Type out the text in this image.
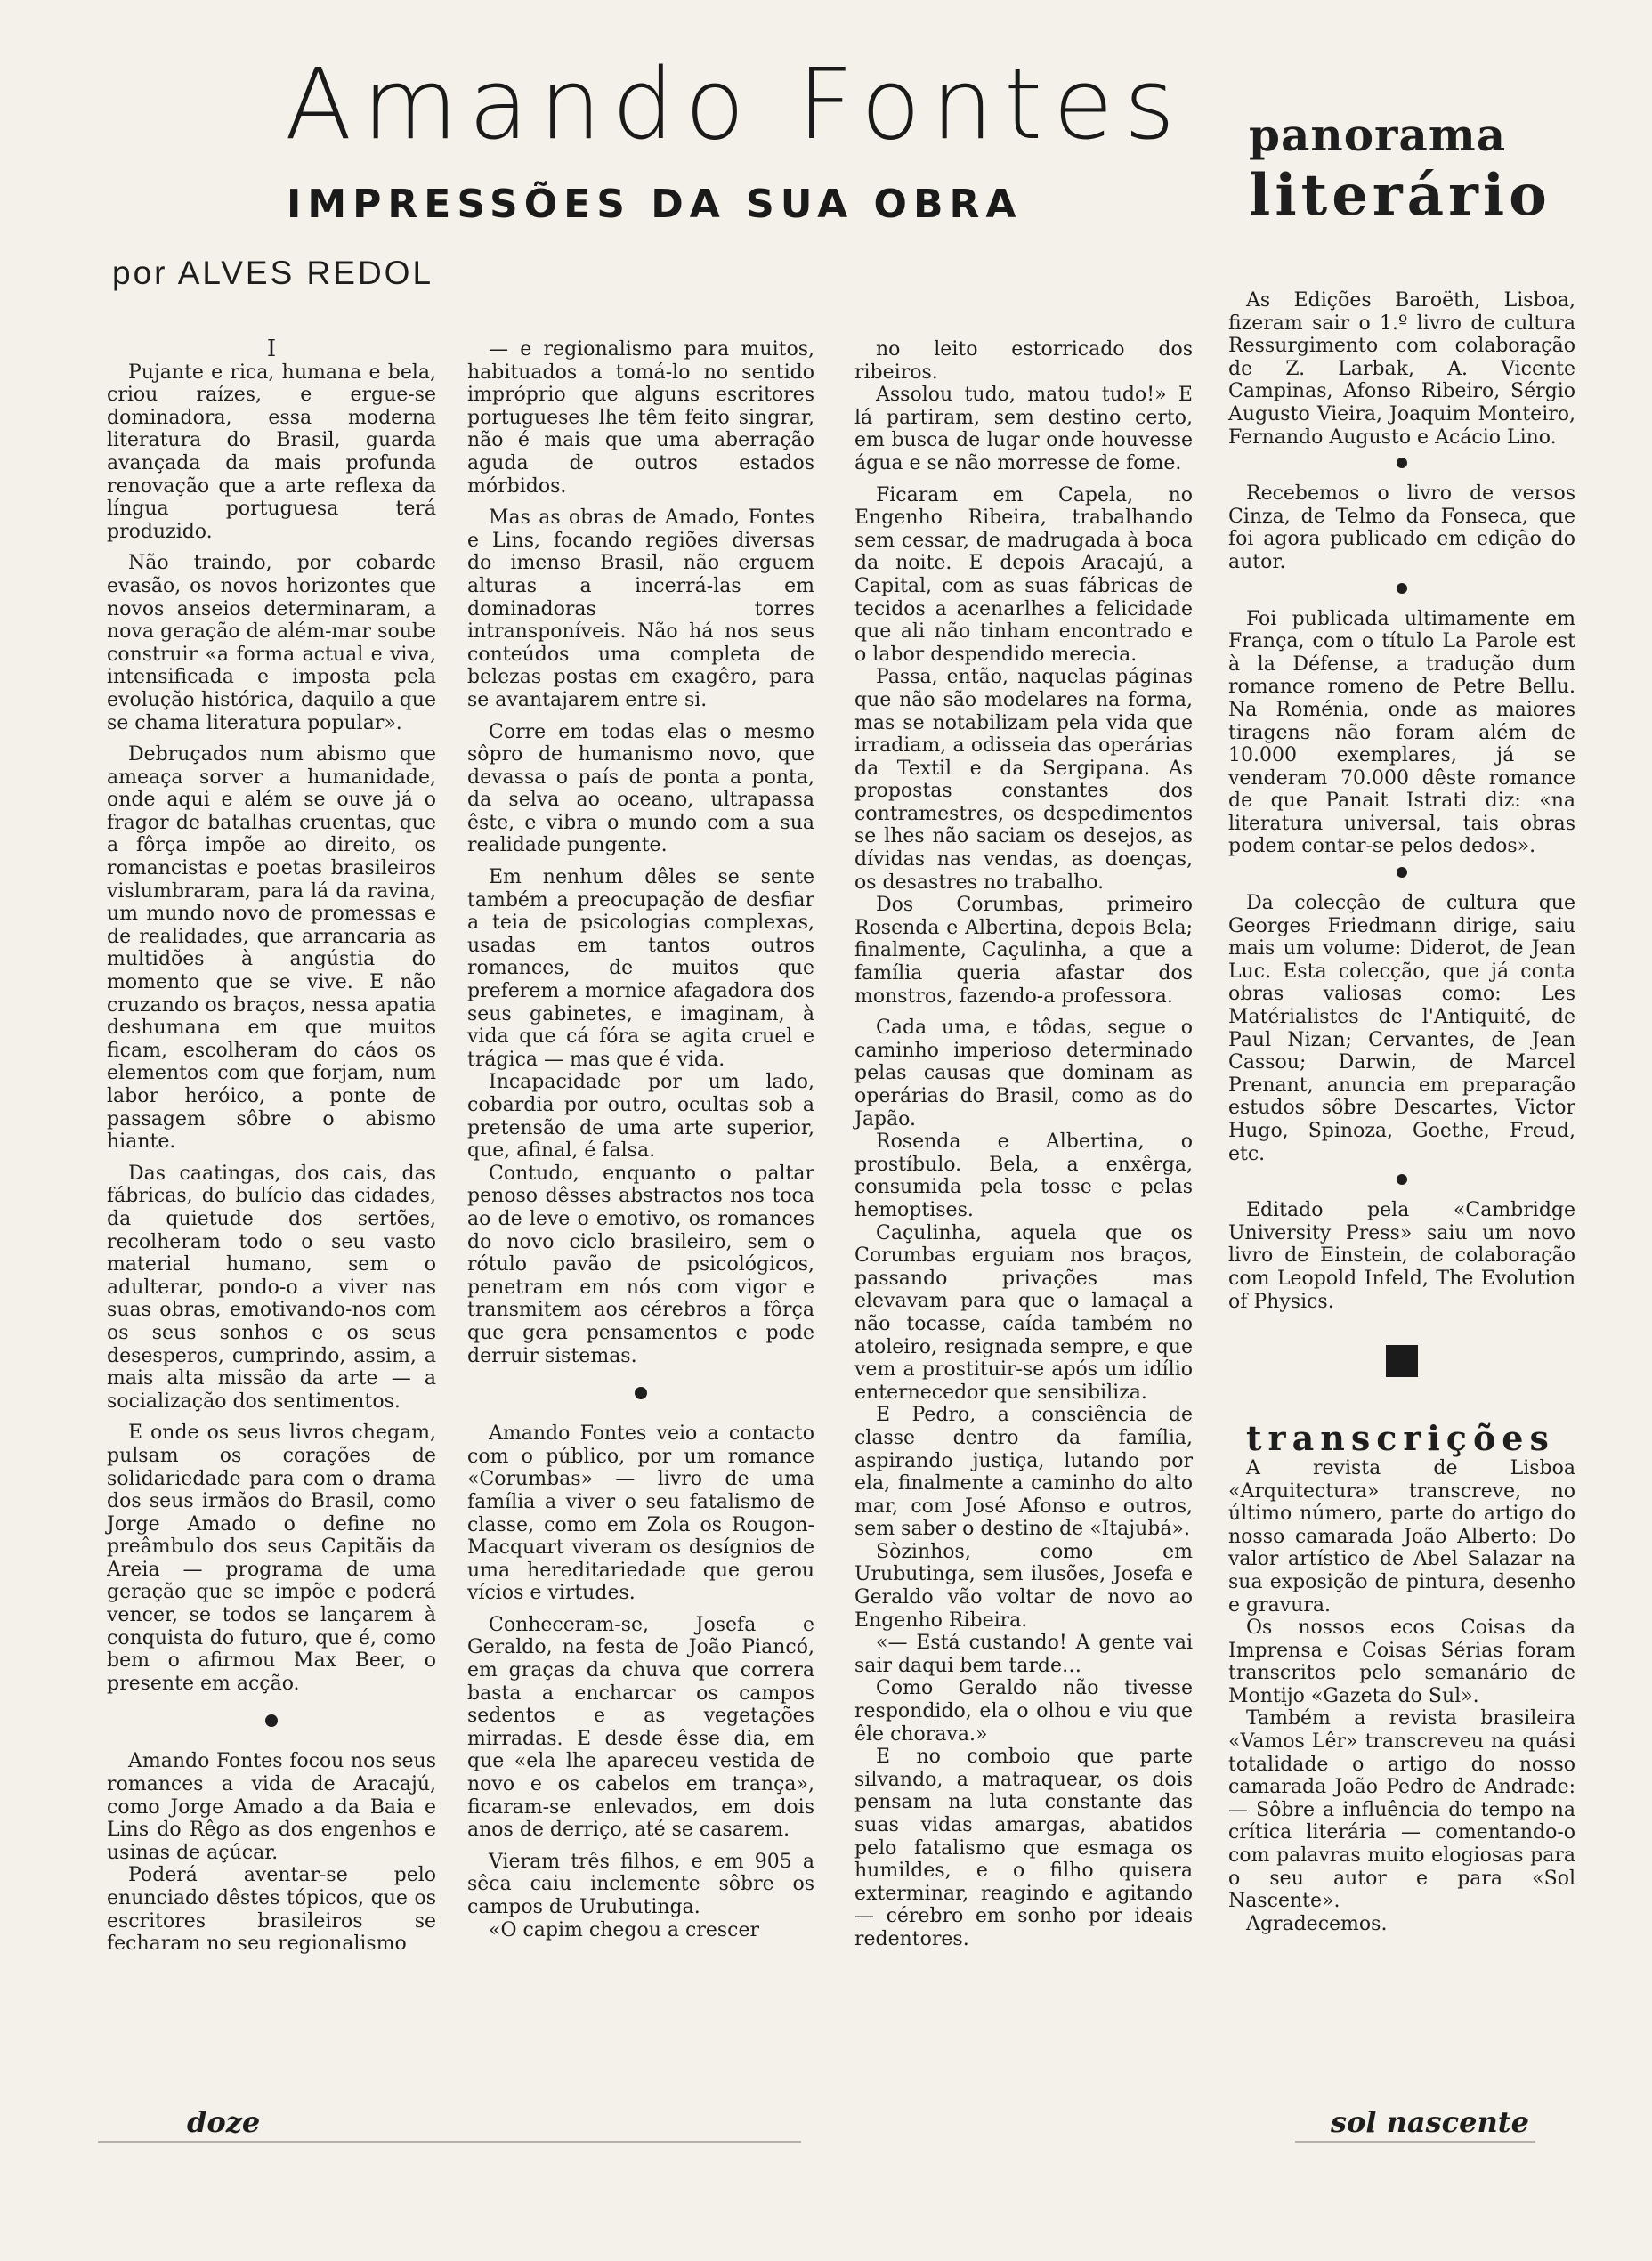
Amando Fontes
IMPRESSÕES DA SUA OBRA

por ALVES REDOL

I

Pujante e rica, humana e bela, criou raízes, e ergue-se dominadora, essa moderna literatura do Brasil, guarda avançada da mais profunda renovação que a arte reflexa da língua portuguesa terá produzido.

Não traindo, por cobarde evasão, os novos horizontes que novos anseios determinaram, a nova geração de além-mar soube construir «a forma actual e viva, intensificada e imposta pela evolução histórica, daquilo a que se chama literatura popular».

Debruçados num abismo que ameaça sorver a humanidade, onde aqui e além se ouve já o fragor de batalhas cruentas, que a fôrça impõe ao direito, os romancistas e poetas brasileiros vislumbraram, para lá da ravina, um mundo novo de promessas e de realidades, que arrancaria as multidões à angústia do momento que se vive. E não cruzando os braços, nessa apatia deshumana em que muitos ficam, escolheram do cáos os elementos com que forjam, num labor heróico, a ponte de passagem sôbre o abismo hiante.

Das caatingas, dos cais, das fábricas, do bulício das cidades, da quietude dos sertões, recolheram todo o seu vasto material humano, sem o adulterar, pondo-o a viver nas suas obras, emotivando-nos com os seus sonhos e os seus desesperos, cumprindo, assim, a mais alta missão da arte — a socialização dos sentimentos.

E onde os seus livros chegam, pulsam os corações de solidariedade para com o drama dos seus irmãos do Brasil, como Jorge Amado o define no preâmbulo dos seus Capitãis da Areia — programa de uma geração que se impõe e poderá vencer, se todos se lançarem à conquista do futuro, que é, como bem o afirmou Max Beer, o presente em acção.

Amando Fontes focou nos seus romances a vida de Aracajú, como Jorge Amado a da Baia e Lins do Rêgo as dos engenhos e usinas de açúcar.

Poderá aventar-se pelo enunciado dêstes tópicos, que os escritores brasileiros se fecharam no seu regionalismo

— e regionalismo para muitos, habituados a tomá-lo no sentido impróprio que alguns escritores portugueses lhe têm feito singrar, não é mais que uma aberração aguda de outros estados mórbidos.

Mas as obras de Amado, Fontes e Lins, focando regiões diversas do imenso Brasil, não erguem alturas a incerrá-las em dominadoras torres intransponíveis. Não há nos seus conteúdos uma completa de belezas postas em exagêro, para se avantajarem entre si.

Corre em todas elas o mesmo sôpro de humanismo novo, que devassa o país de ponta a ponta, da selva ao oceano, ultrapassa êste, e vibra o mundo com a sua realidade pungente.

Em nenhum dêles se sente também a preocupação de desfiar a teia de psicologias complexas, usadas em tantos outros romances, de muitos que preferem a mornice afagadora dos seus gabinetes, e imaginam, à vida que cá fóra se agita cruel e trágica — mas que é vida.

Incapacidade por um lado, cobardia por outro, ocultas sob a pretensão de uma arte superior, que, afinal, é falsa.

Contudo, enquanto o paltar penoso dêsses abstractos nos toca ao de leve o emotivo, os romances do novo ciclo brasileiro, sem o rótulo pavão de psicológicos, penetram em nós com vigor e transmitem aos cérebros a fôrça que gera pensamentos e pode derruir sistemas.

Amando Fontes veio a contacto com o público, por um romance «Corumbas» — livro de uma família a viver o seu fatalismo de classe, como em Zola os Rougon-Macquart viveram os desígnios de uma hereditariedade que gerou vícios e virtudes.

Conheceram-se, Josefa e Geraldo, na festa de João Piancó, em graças da chuva que correra basta a encharcar os campos sedentos e as vegetações mirradas. E desde êsse dia, em que «ela lhe apareceu vestida de novo e os cabelos em trança», ficaram-se enlevados, em dois anos de derriço, até se casarem.

Vieram três filhos, e em 905 a sêca caiu inclemente sôbre os campos de Urubutinga.

«O capim chegou a crescer

no leito estorricado dos ribeiros.

Assolou tudo, matou tudo!» E lá partiram, sem destino certo, em busca de lugar onde houvesse água e se não morresse de fome.

Ficaram em Capela, no Engenho Ribeira, trabalhando sem cessar, de madrugada à boca da noite. E depois Aracajú, a Capital, com as suas fábricas de tecidos a acenarlhes a felicidade que ali não tinham encontrado e o labor despendido merecia.

Passa, então, naquelas páginas que não são modelares na forma, mas se notabilizam pela vida que irradiam, a odisseia das operárias da Textil e da Sergipana. As propostas constantes dos contramestres, os despedimentos se lhes não saciam os desejos, as dívidas nas vendas, as doenças, os desastres no trabalho.

Dos Corumbas, primeiro Rosenda e Albertina, depois Bela; finalmente, Caçulinha, a que a família queria afastar dos monstros, fazendo-a professora.

Cada uma, e tôdas, segue o caminho imperioso determinado pelas causas que dominam as operárias do Brasil, como as do Japão.

Rosenda e Albertina, o prostíbulo. Bela, a enxêrga, consumida pela tosse e pelas hemoptises.

Caçulinha, aquela que os Corumbas erguiam nos braços, passando privações mas elevavam para que o lamaçal a não tocasse, caída também no atoleiro, resignada sempre, e que vem a prostituir-se após um idílio enternecedor que sensibiliza.

E Pedro, a consciência de classe dentro da família, aspirando justiça, lutando por ela, finalmente a caminho do alto mar, com José Afonso e outros, sem saber o destino de «Itajubá».

Sòzinhos, como em Urubutinga, sem ilusões, Josefa e Geraldo vão voltar de novo ao Engenho Ribeira.

«— Está custando! A gente vai sair daqui bem tarde…

Como Geraldo não tivesse respondido, ela o olhou e viu que êle chorava.»

E no comboio que parte silvando, a matraquear, os dois pensam na luta constante das suas vidas amargas, abatidos pelo fatalismo que esmaga os humildes, e o filho quisera exterminar, reagindo e agitando — cérebro em sonho por ideais redentores.

panorama

literário

As Edições Baroëth, Lisboa, fizeram sair o 1.º livro de cultura Ressurgimento com colaboração de Z. Larbak, A. Vicente Campinas, Afonso Ribeiro, Sérgio Augusto Vieira, Joaquim Monteiro, Fernando Augusto e Acácio Lino.

Recebemos o livro de versos Cinza, de Telmo da Fonseca, que foi agora publicado em edição do autor.

Foi publicada ultimamente em França, com o título La Parole est à la Défense, a tradução dum romance romeno de Petre Bellu. Na Roménia, onde as maiores tiragens não foram além de 10.000 exemplares, já se venderam 70.000 dêste romance de que Panait Istrati diz: «na literatura universal, tais obras podem contar-se pelos dedos».

Da colecção de cultura que Georges Friedmann dirige, saiu mais um volume: Diderot, de Jean Luc. Esta colecção, que já conta obras valiosas como: Les Matérialistes de l'Antiquité, de Paul Nizan; Cervantes, de Jean Cassou; Darwin, de Marcel Prenant, anuncia em preparação estudos sôbre Descartes, Victor Hugo, Spinoza, Goethe, Freud, etc.

Editado pela «Cambridge University Press» saiu um novo livro de Einstein, de colaboração com Leopold Infeld, The Evolution of Physics.

transcrições

A revista de Lisboa «Arquitectura» transcreve, no último número, parte do artigo do nosso camarada João Alberto: Do valor artístico de Abel Salazar na sua exposição de pintura, desenho e gravura.

Os nossos ecos Coisas da Imprensa e Coisas Sérias foram transcritos pelo semanário de Montijo «Gazeta do Sul».

Também a revista brasileira «Vamos Lêr» transcreveu na quási totalidade o artigo do nosso camarada João Pedro de Andrade: — Sôbre a influência do tempo na crítica literária — comentando-o com palavras muito elogiosas para o seu autor e para «Sol Nascente».

Agradecemos.

doze	sol nascente
